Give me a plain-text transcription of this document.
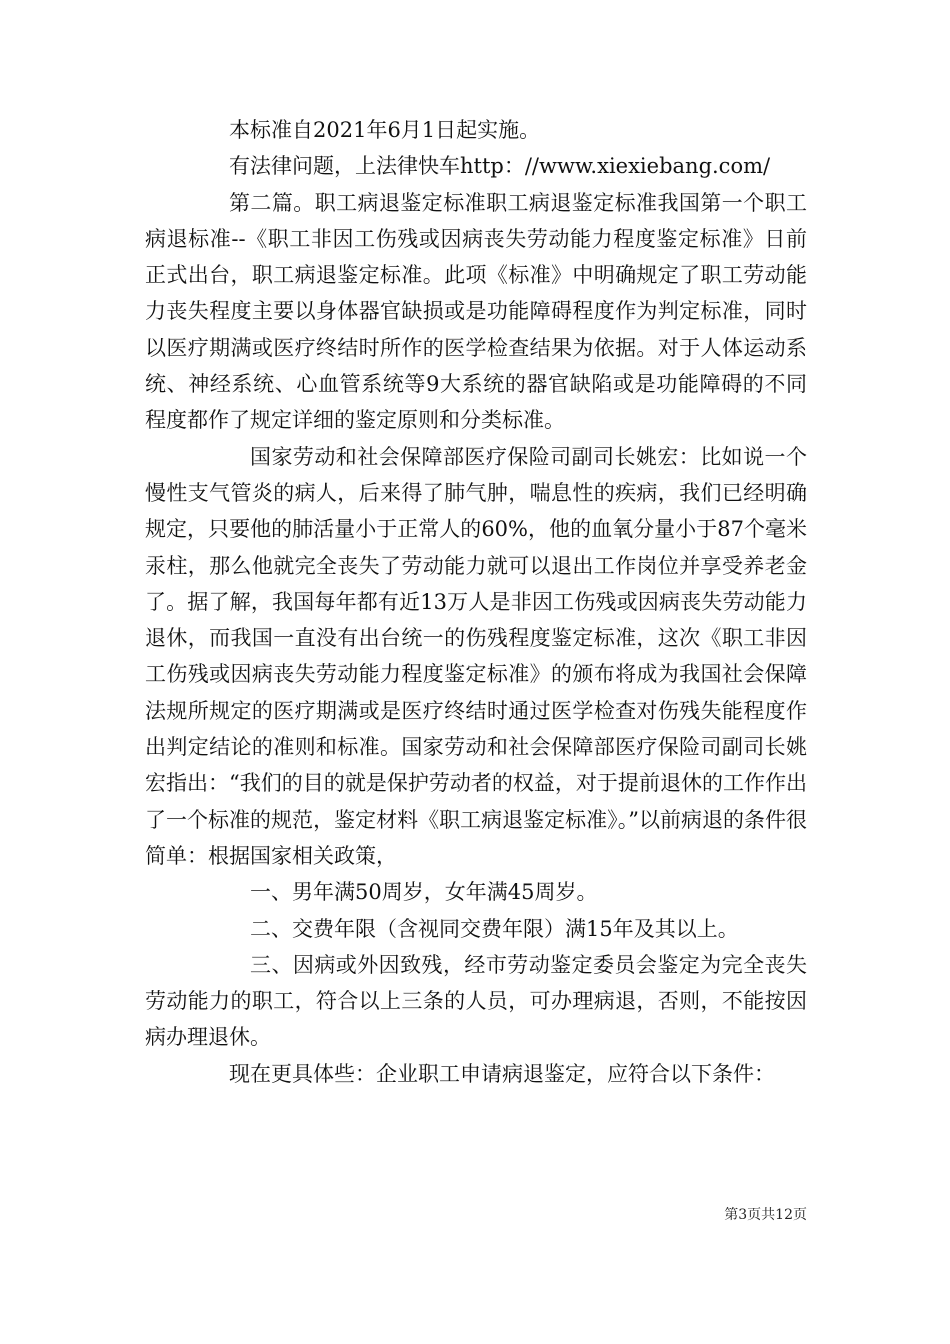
本标准自2021年6月1日起实施。

有法律问题，上法律快车http：//www.xiexiebang.com/

第二篇。职工病退鉴定标准职工病退鉴定标准我国第一个职工病退标准--《职工非因工伤残或因病丧失劳动能力程度鉴定标准》日前正式出台，职工病退鉴定标准。此项《标准》中明确规定了职工劳动能力丧失程度主要以身体器官缺损或是功能障碍程度作为判定标准，同时以医疗期满或医疗终结时所作的医学检查结果为依据。对于人体运动系统、神经系统、心血管系统等9大系统的器官缺陷或是功能障碍的不同程度都作了规定详细的鉴定原则和分类标准。

国家劳动和社会保障部医疗保险司副司长姚宏：比如说一个慢性支气管炎的病人，后来得了肺气肿，喘息性的疾病，我们已经明确规定，只要他的肺活量小于正常人的60%，他的血氧分量小于87个毫米汞柱，那么他就完全丧失了劳动能力就可以退出工作岗位并享受养老金了。据了解，我国每年都有近13万人是非因工伤残或因病丧失劳动能力退休，而我国一直没有出台统一的伤残程度鉴定标准，这次《职工非因工伤残或因病丧失劳动能力程度鉴定标准》的颁布将成为我国社会保障法规所规定的医疗期满或是医疗终结时通过医学检查对伤残失能程度作出判定结论的准则和标准。国家劳动和社会保障部医疗保险司副司长姚宏指出：“我们的目的就是保护劳动者的权益，对于提前退休的工作作出了一个标准的规范，鉴定材料《职工病退鉴定标准》。”以前病退的条件很简单：根据国家相关政策，

一、男年满50周岁，女年满45周岁。

二、交费年限（含视同交费年限）满15年及其以上。

三、因病或外因致残，经市劳动鉴定委员会鉴定为完全丧失劳动能力的职工，符合以上三条的人员，可办理病退，否则，不能按因病办理退休。

现在更具体些：企业职工申请病退鉴定，应符合以下条件：

第3页共12页
